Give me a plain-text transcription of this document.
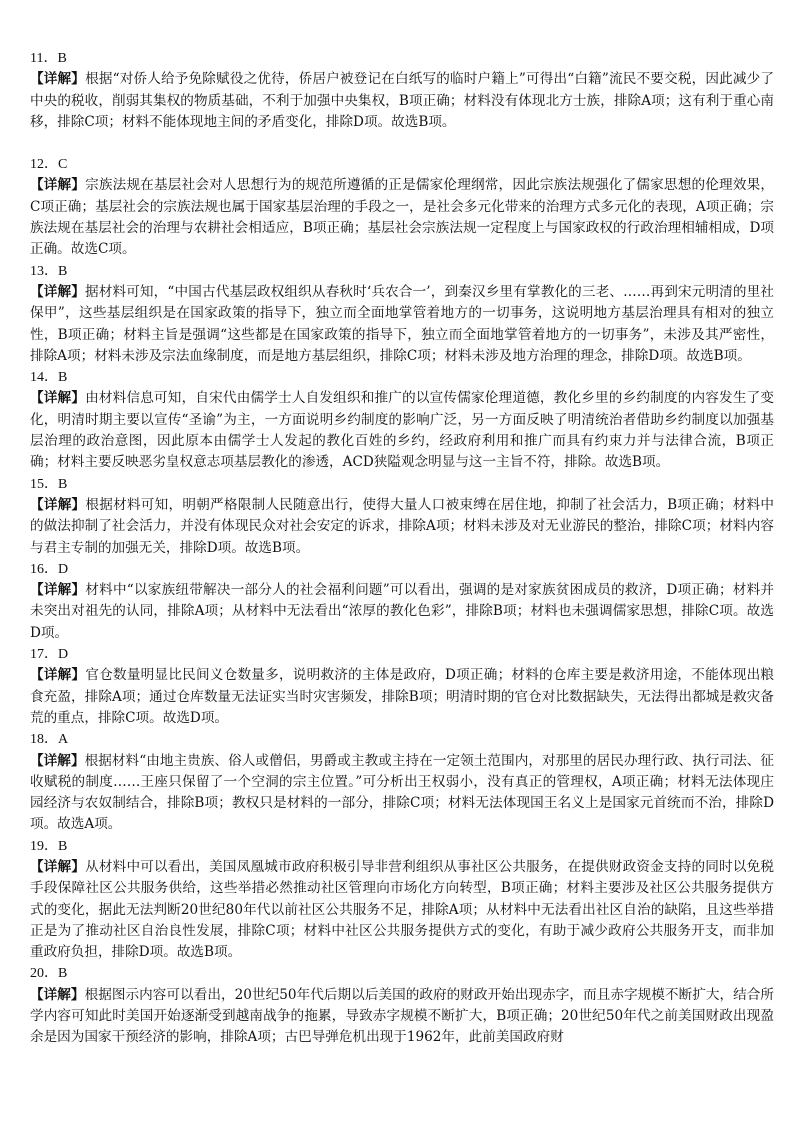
11．B

【详解】根据“对侨人给予免除赋役之优待，侨居户被登记在白纸写的临时户籍上”可得出“白籍”流民不要交税，因此减少了中央的税收，削弱其集权的物质基础，不利于加强中央集权，B项正确；材料没有体现北方士族，排除A项；这有利于重心南移，排除C项；材料不能体现地主间的矛盾变化，排除D项。故选B项。

12．C

【详解】宗族法规在基层社会对人思想行为的规范所遵循的正是儒家伦理纲常，因此宗族法规强化了儒家思想的伦理效果，C项正确；基层社会的宗族法规也属于国家基层治理的手段之一，是社会多元化带来的治理方式多元化的表现，A项正确；宗族法规在基层社会的治理与农耕社会相适应，B项正确；基层社会宗族法规一定程度上与国家政权的行政治理相辅相成，D项正确。故选C项。

13．B

【详解】据材料可知，“中国古代基层政权组织从春秋时‘兵农合一’，到秦汉乡里有掌教化的三老、……再到宋元明清的里社保甲”，这些基层组织是在国家政策的指导下，独立而全面地掌管着地方的一切事务，这说明地方基层治理具有相对的独立性，B项正确；材料主旨是强调“这些都是在国家政策的指导下，独立而全面地掌管着地方的一切事务”，未涉及其严密性，排除A项；材料未涉及宗法血缘制度，而是地方基层组织，排除C项；材料未涉及地方治理的理念，排除D项。故选B项。

14．B

【详解】由材料信息可知，自宋代由儒学士人自发组织和推广的以宣传儒家伦理道德，教化乡里的乡约制度的内容发生了变化，明清时期主要以宣传“圣谕”为主，一方面说明乡约制度的影响广泛，另一方面反映了明清统治者借助乡约制度以加强基层治理的政治意图，因此原本由儒学士人发起的教化百姓的乡约，经政府利用和推广而具有约束力并与法律合流，B项正确；材料主要反映恶劣皇权意志项基层教化的渗透，ACD狭隘观念明显与这一主旨不符，排除。故选B项。

15．B

【详解】根据材料可知，明朝严格限制人民随意出行，使得大量人口被束缚在居住地，抑制了社会活力，B项正确；材料中的做法抑制了社会活力，并没有体现民众对社会安定的诉求，排除A项；材料未涉及对无业游民的整治，排除C项；材料内容与君主专制的加强无关，排除D项。故选B项。

16．D

【详解】材料中“以家族纽带解决一部分人的社会福利问题”可以看出，强调的是对家族贫困成员的救济，D项正确；材料并未突出对祖先的认同，排除A项；从材料中无法看出“浓厚的教化色彩”，排除B项；材料也未强调儒家思想，排除C项。故选D项。

17．D

【详解】官仓数量明显比民间义仓数量多，说明救济的主体是政府，D项正确；材料的仓库主要是救济用途，不能体现出粮食充盈，排除A项；通过仓库数量无法证实当时灾害频发，排除B项；明清时期的官仓对比数据缺失，无法得出都城是救灾备荒的重点，排除C项。故选D项。

18．A

【详解】根据材料“由地主贵族、俗人或僧侣，男爵或主教或主持在一定领土范围内，对那里的居民办理行政、执行司法、征收赋税的制度……王座只保留了一个空洞的宗主位置。”可分析出王权弱小，没有真正的管理权，A项正确；材料无法体现庄园经济与农奴制结合，排除B项；教权只是材料的一部分，排除C项；材料无法体现国王名义上是国家元首统而不治，排除D项。故选A项。

19．B

【详解】从材料中可以看出，美国凤凰城市政府积极引导非营利组织从事社区公共服务，在提供财政资金支持的同时以免税手段保障社区公共服务供给，这些举措必然推动社区管理向市场化方向转型，B项正确；材料主要涉及社区公共服务提供方式的变化，据此无法判断20世纪80年代以前社区公共服务不足，排除A项；从材料中无法看出社区自治的缺陷，且这些举措正是为了推动社区自治良性发展，排除C项；材料中社区公共服务提供方式的变化，有助于减少政府公共服务开支，而非加重政府负担，排除D项。故选B项。

20．B

【详解】根据图示内容可以看出，20世纪50年代后期以后美国的政府的财政开始出现赤字，而且赤字规模不断扩大，结合所学内容可知此时美国开始逐渐受到越南战争的拖累，导致赤字规模不断扩大，B项正确；20世纪50年代之前美国财政出现盈余是因为国家干预经济的影响，排除A项；古巴导弹危机出现于1962年，此前美国政府财
